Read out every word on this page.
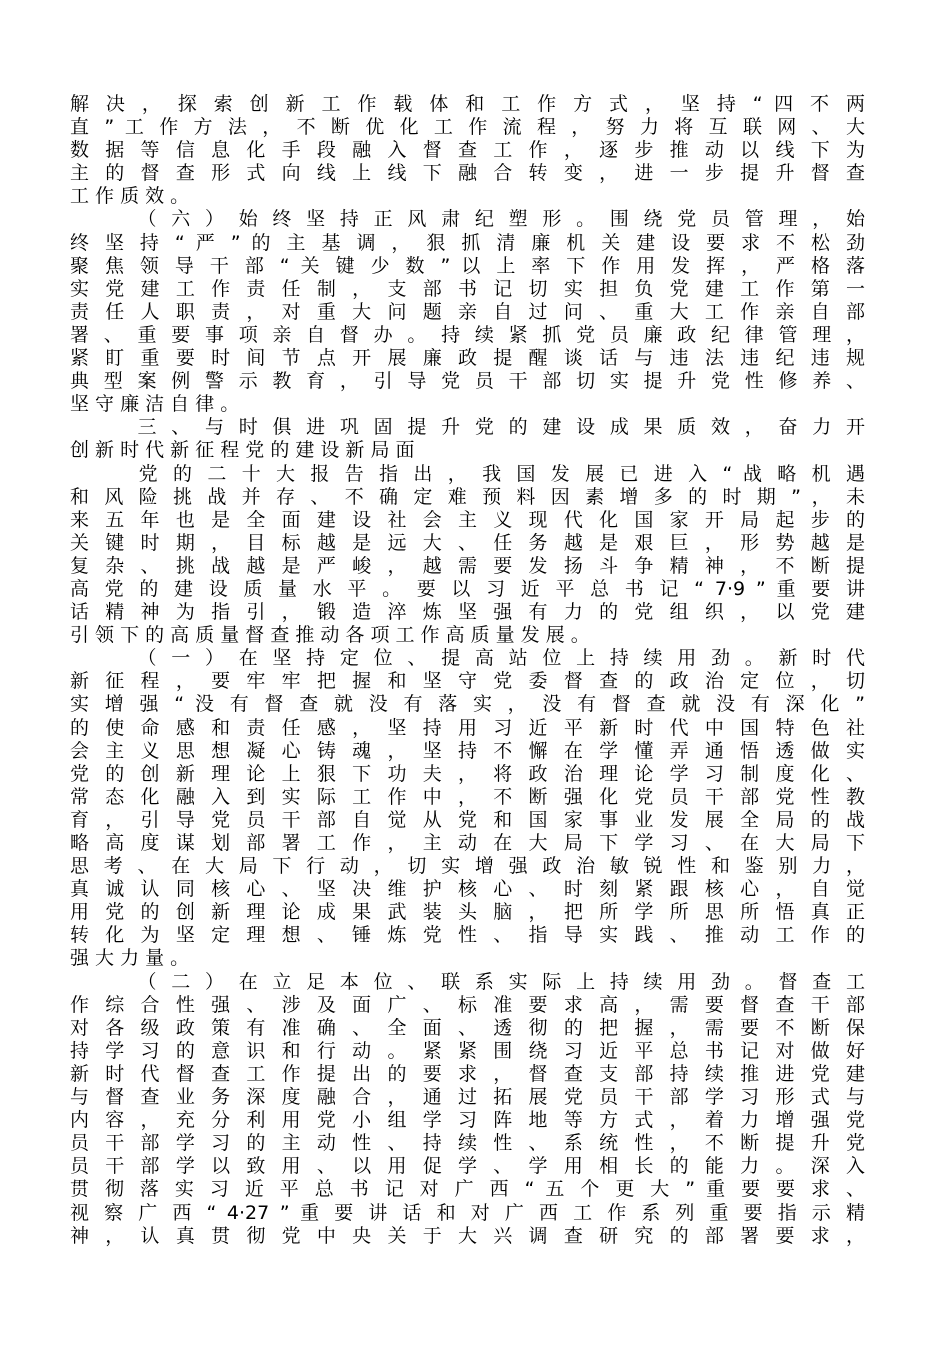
解 决 ， 探 索 创 新 工 作 载 体 和 工 作 方 式 ， 坚 持 “ 四 不 两
直 ” 工 作 方 法 ， 不 断 优 化 工 作 流 程 ， 努 力 将 互 联 网 、 大
数 据 等 信 息 化 手 段 融 入 督 查 工 作 ， 逐 步 推 动 以 线 下 为
主 的 督 查 形 式 向 线 上 线 下 融 合 转 变 ， 进 一 步 提 升 督 查
工 作 质 效 。
　 　 （ 六 ） 始 终 坚 持 正 风 肃 纪 塑 形 。 围 绕 党 员 管 理 ， 始
终 坚 持 “ 严 ” 的 主 基 调 ， 狠 抓 清 廉 机 关 建 设 要 求 不 松 劲
聚 焦 领 导 干 部 “ 关 键 少 数 ” 以 上 率 下 作 用 发 挥 ， 严 格 落
实 党 建 工 作 责 任 制 ， 支 部 书 记 切 实 担 负 党 建 工 作 第 一
责 任 人 职 责 ， 对 重 大 问 题 亲 自 过 问 、 重 大 工 作 亲 自 部
署 、 重 要 事 项 亲 自 督 办 。 持 续 紧 抓 党 员 廉 政 纪 律 管 理 ，
紧 盯 重 要 时 间 节 点 开 展 廉 政 提 醒 谈 话 与 违 法 违 纪 违 规
典 型 案 例 警 示 教 育 ， 引 导 党 员 干 部 切 实 提 升 党 性 修 养 、
坚 守 廉 洁 自 律 。
　 　 三 、 与 时 俱 进 巩 固 提 升 党 的 建 设 成 果 质 效 ， 奋 力 开
创 新 时 代 新 征 程 党 的 建 设 新 局 面
　 　 党 的 二 十 大 报 告 指 出 ， 我 国 发 展 已 进 入 “ 战 略 机 遇
和 风 险 挑 战 并 存 、 不 确 定 难 预 料 因 素 增 多 的 时 期 ” ， 未
来 五 年 也 是 全 面 建 设 社 会 主 义 现 代 化 国 家 开 局 起 步 的
关 键 时 期 ， 目 标 越 是 远 大 、 任 务 越 是 艰 巨 ， 形 势 越 是
复 杂 、 挑 战 越 是 严 峻 ， 越 需 要 发 扬 斗 争 精 神 ， 不 断 提
高 党 的 建 设 质 量 水 平 。 要 以 习 近 平 总 书 记 “ 7·9 ” 重 要 讲
话 精 神 为 指 引 ， 锻 造 淬 炼 坚 强 有 力 的 党 组 织 ， 以 党 建
引 领 下 的 高 质 量 督 查 推 动 各 项 工 作 高 质 量 发 展 。
　 　 （ 一 ） 在 坚 持 定 位 、 提 高 站 位 上 持 续 用 劲 。 新 时 代
新 征 程 ， 要 牢 牢 把 握 和 坚 守 党 委 督 查 的 政 治 定 位 ， 切
实 增 强 “ 没 有 督 查 就 没 有 落 实 ， 没 有 督 查 就 没 有 深 化 ”
的 使 命 感 和 责 任 感 ， 坚 持 用 习 近 平 新 时 代 中 国 特 色 社
会 主 义 思 想 凝 心 铸 魂 ， 坚 持 不 懈 在 学 懂 弄 通 悟 透 做 实
党 的 创 新 理 论 上 狠 下 功 夫 ， 将 政 治 理 论 学 习 制 度 化 、
常 态 化 融 入 到 实 际 工 作 中 ， 不 断 强 化 党 员 干 部 党 性 教
育 ， 引 导 党 员 干 部 自 觉 从 党 和 国 家 事 业 发 展 全 局 的 战
略 高 度 谋 划 部 署 工 作 ， 主 动 在 大 局 下 学 习 、 在 大 局 下
思 考 、 在 大 局 下 行 动 ， 切 实 增 强 政 治 敏 锐 性 和 鉴 别 力 ，
真 诚 认 同 核 心 、 坚 决 维 护 核 心 、 时 刻 紧 跟 核 心 ， 自 觉
用 党 的 创 新 理 论 成 果 武 装 头 脑 ， 把 所 学 所 思 所 悟 真 正
转 化 为 坚 定 理 想 、 锤 炼 党 性 、 指 导 实 践 、 推 动 工 作 的
强 大 力 量 。
　 　 （ 二 ） 在 立 足 本 位 、 联 系 实 际 上 持 续 用 劲 。 督 查 工
作 综 合 性 强 、 涉 及 面 广 、 标 准 要 求 高 ， 需 要 督 查 干 部
对 各 级 政 策 有 准 确 、 全 面 、 透 彻 的 把 握 ， 需 要 不 断 保
持 学 习 的 意 识 和 行 动 。 紧 紧 围 绕 习 近 平 总 书 记 对 做 好
新 时 代 督 查 工 作 提 出 的 要 求 ， 督 查 支 部 持 续 推 进 党 建
与 督 查 业 务 深 度 融 合 ， 通 过 拓 展 党 员 干 部 学 习 形 式 与
内 容 ， 充 分 利 用 党 小 组 学 习 阵 地 等 方 式 ， 着 力 增 强 党
员 干 部 学 习 的 主 动 性 、 持 续 性 、 系 统 性 ， 不 断 提 升 党
员 干 部 学 以 致 用 、 以 用 促 学 、 学 用 相 长 的 能 力 。 深 入
贯 彻 落 实 习 近 平 总 书 记 对 广 西 “ 五 个 更 大 ” 重 要 要 求 、
视 察 广 西 “ 4·27 ” 重 要 讲 话 和 对 广 西 工 作 系 列 重 要 指 示 精
神 ， 认 真 贯 彻 党 中 央 关 于 大 兴 调 查 研 究 的 部 署 要 求 ，
